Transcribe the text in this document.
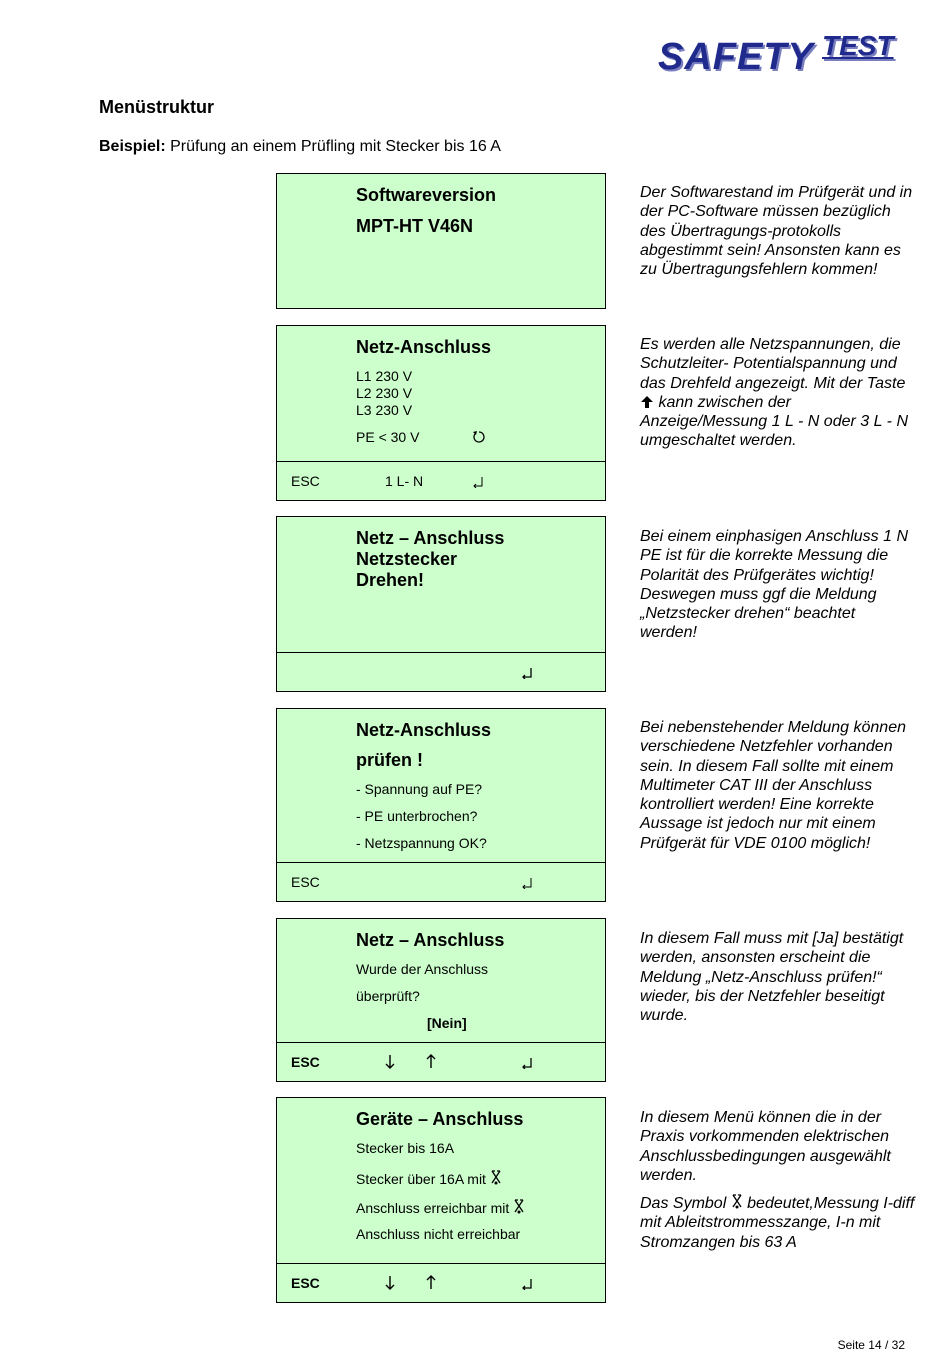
SAFETY TEST
Menüstruktur
Beispiel: Prüfung an einem Prüfling mit Stecker bis 16 A
Softwareversion
MPT-HT V46N
Der Softwarestand im Prüfgerät und in der PC-Software müssen bezüglich des Übertragungs-protokolls abgestimmt sein! Ansonsten kann es zu Übertragungsfehlern kommen!
Netz-Anschluss
L1 230 V
L2 230 V
L3 230 V
PE < 30 V
ESC	1 L- N
Es werden alle Netzspannungen, die Schutzleiter- Potentialspannung und das Drehfeld angezeigt. Mit der Taste  kann zwischen der Anzeige/Messung 1 L - N oder 3 L - N umgeschaltet werden.
Netz – Anschluss
Netzstecker
Drehen!
Bei einem einphasigen Anschluss 1 N PE ist für die korrekte Messung die Polarität des Prüfgerätes wichtig! Deswegen muss ggf die Meldung „Netzstecker drehen“ beachtet werden!
Netz-Anschluss
prüfen !
- Spannung auf PE?
- PE unterbrochen?
- Netzspannung OK?
ESC
Bei nebenstehender Meldung können verschiedene Netzfehler vorhanden sein. In diesem Fall sollte mit einem Multimeter CAT III der Anschluss kontrolliert werden! Eine korrekte Aussage ist jedoch nur mit einem Prüfgerät für VDE 0100 möglich!
Netz – Anschluss
Wurde der Anschluss
überprüft?
[Nein]
ESC
In diesem Fall muss mit [Ja] bestätigt werden, ansonsten erscheint die Meldung „Netz-Anschluss prüfen!“ wieder, bis der Netzfehler beseitigt wurde.
Geräte – Anschluss
Stecker bis 16A
Stecker über 16A mit
Anschluss erreichbar mit
Anschluss nicht erreichbar
ESC

In diesem Menü können die in der Praxis vorkommenden elektrischen Anschlussbedingungen ausgewählt werden.

Das Symbol  bedeutet,Messung I-diff mit Ableitstrommesszange, I-n mit Stromzangen bis 63 A

Seite 14 / 32
